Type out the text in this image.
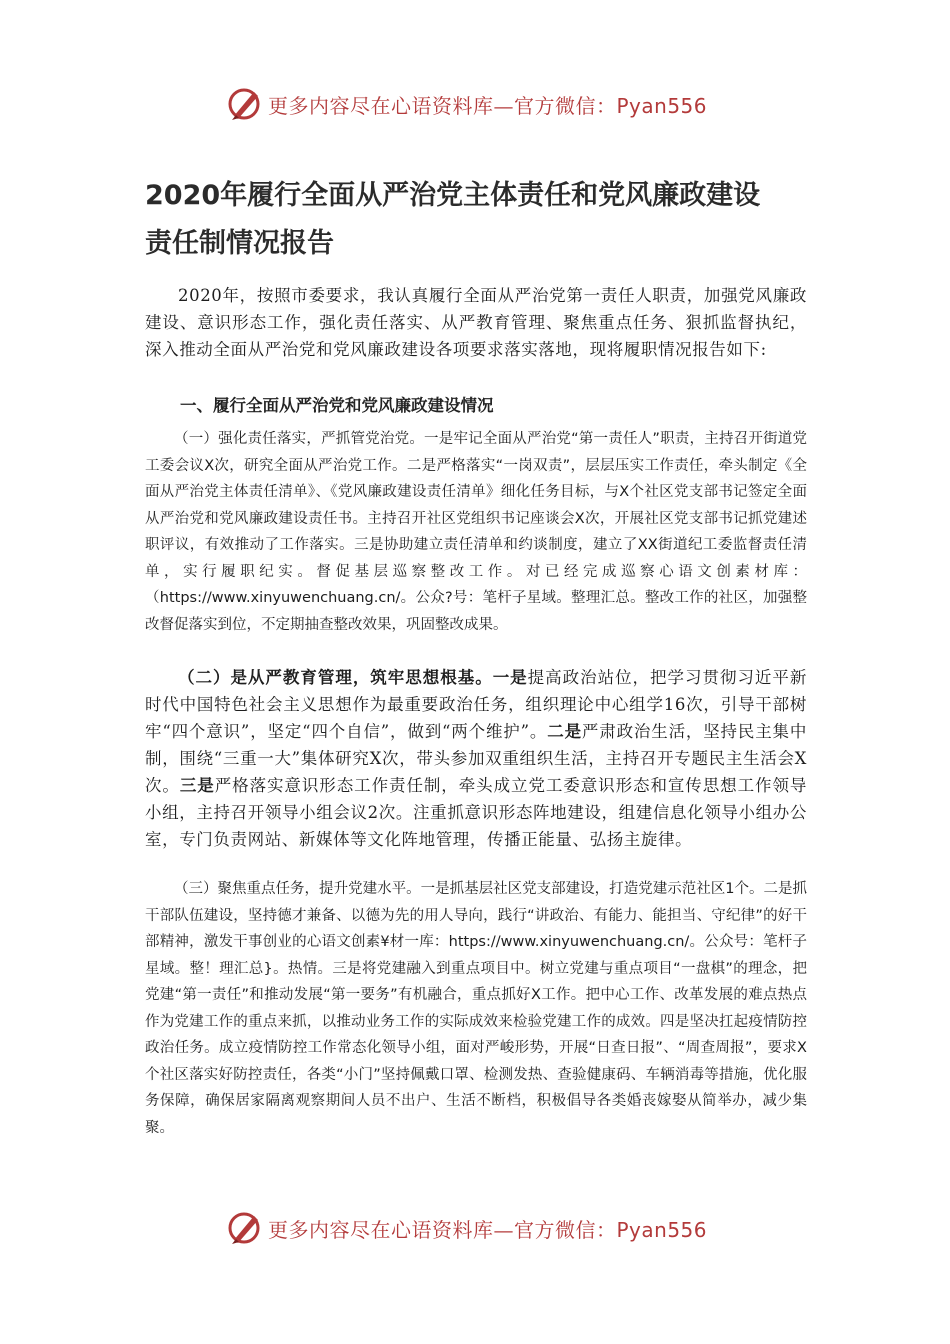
更多内容尽在心语资料库—官方微信：Pyan556
2020年履行全面从严治党主体责任和党风廉政建设
责任制情况报告

2020年，按照市委要求，我认真履行全面从严治党第一责任人职责，加强党风廉政建设、意识形态工作，强化责任落实、从严教育管理、聚焦重点任务、狠抓监督执纪，深入推动全面从严治党和党风廉政建设各项要求落实落地，现将履职情况报告如下:

一、履行全面从严治党和党风廉政建设情况

（一）强化责任落实，严抓管党治党。一是牢记全面从严治党“第一责任人”职责，主持召开街道党工委会议X次，研究全面从严治党工作。二是严格落实“一岗双责”，层层压实工作责任，牵头制定《全面从严治党主体责任清单》、《党风廉政建设责任清单》细化任务目标，与X个社区党支部书记签定全面从严治党和党风廉政建设责任书。主持召开社区党组织书记座谈会X次，开展社区党支部书记抓党建述职评议，有效推动了工作落实。三是协助建立责任清单和约谈制度，建立了XX街道纪工委监督责任清单，实行履职纪实。督促基层巡察整改工作。对已经完成巡察心语文创素材库：（https://www.xinyuwenchuang.cn/。公众?号：笔杆子星域。整理汇总。整改工作的社区，加强整改督促落实到位，不定期抽查整改效果，巩固整改成果。

（二）是从严教育管理，筑牢思想根基。一是提高政治站位，把学习贯彻习近平新时代中国特色社会主义思想作为最重要政治任务，组织理论中心组学16次，引导干部树牢“四个意识”，坚定“四个自信”，做到“两个维护”。二是严肃政治生活，坚持民主集中制，围绕“三重一大”集体研究X次，带头参加双重组织生活，主持召开专题民主生活会X次。三是严格落实意识形态工作责任制，牵头成立党工委意识形态和宣传思想工作领导小组，主持召开领导小组会议2次。注重抓意识形态阵地建设，组建信息化领导小组办公室，专门负责网站、新媒体等文化阵地管理，传播正能量、弘扬主旋律。

（三）聚焦重点任务，提升党建水平。一是抓基层社区党支部建设，打造党建示范社区1个。二是抓干部队伍建设，坚持德才兼备、以德为先的用人导向，践行“讲政治、有能力、能担当、守纪律”的好干部精神，激发干事创业的心语文创素¥材一库：https://www.xinyuwenchuang.cn/。公众号：笔杆子星域。整！理汇总}。热情。三是将党建融入到重点项目中。树立党建与重点项目“一盘棋”的理念，把党建“第一责任”和推动发展“第一要务”有机融合，重点抓好X工作。把中心工作、改革发展的难点热点作为党建工作的重点来抓，以推动业务工作的实际成效来检验党建工作的成效。四是坚决扛起疫情防控政治任务。成立疫情防控工作常态化领导小组，面对严峻形势，开展“日查日报”、“周查周报”，要求X个社区落实好防控责任，各类“小门”坚持佩戴口罩、检测发热、查验健康码、车辆消毒等措施，优化服务保障，确保居家隔离观察期间人员不出户、生活不断档，积极倡导各类婚丧嫁娶从简举办，减少集聚。

更多内容尽在心语资料库—官方微信：Pyan556
